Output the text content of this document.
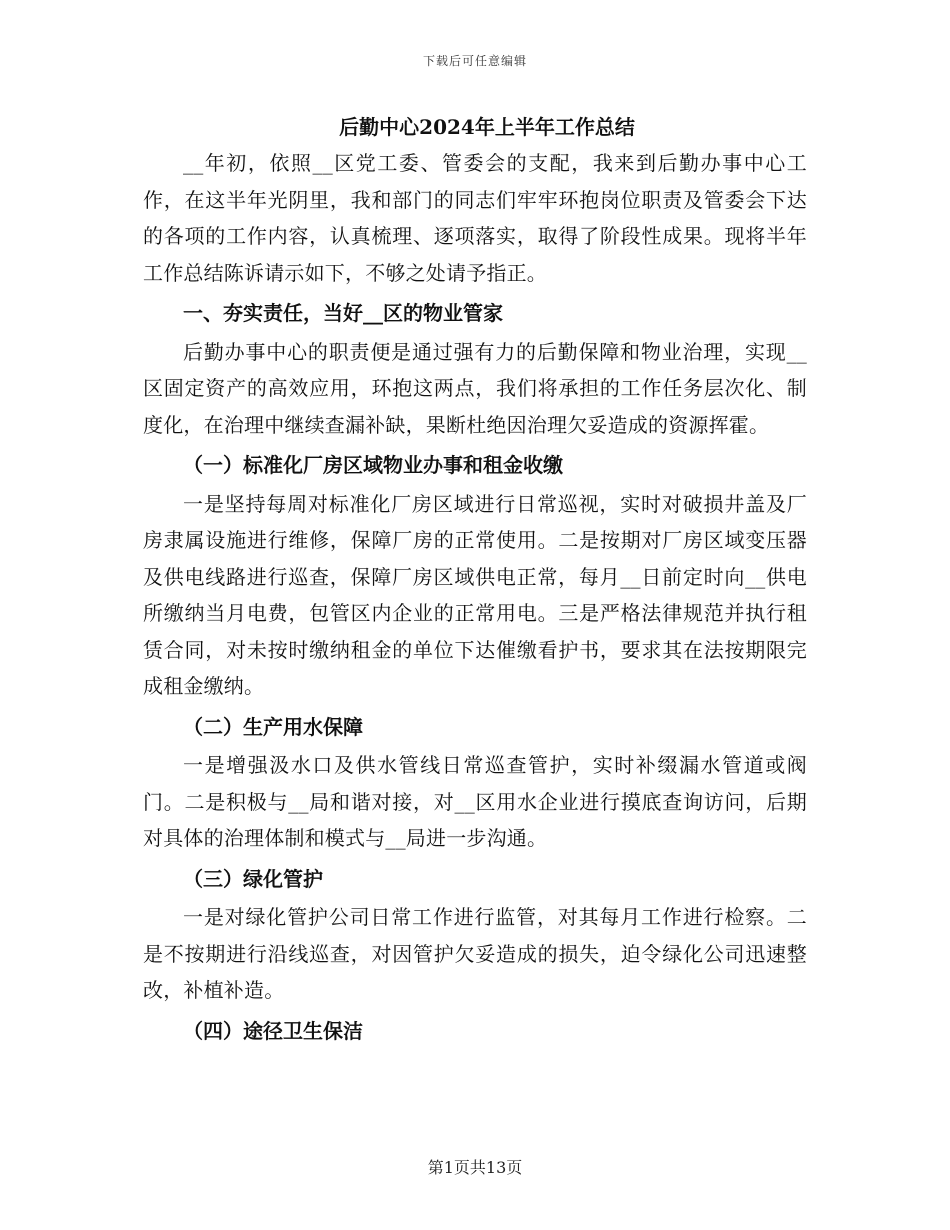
下载后可任意编辑

后勤中心2024年上半年工作总结

__年初，依照__区党工委、管委会的支配，我来到后勤办事中心工作，在这半年光阴里，我和部门的同志们牢牢环抱岗位职责及管委会下达的各项的工作内容，认真梳理、逐项落实，取得了阶段性成果。现将半年工作总结陈诉请示如下，不够之处请予指正。

一、夯实责任，当好__区的物业管家

后勤办事中心的职责便是通过强有力的后勤保障和物业治理，实现__区固定资产的高效应用，环抱这两点，我们将承担的工作任务层次化、制度化，在治理中继续查漏补缺，果断杜绝因治理欠妥造成的资源挥霍。

（一）标准化厂房区域物业办事和租金收缴

一是坚持每周对标准化厂房区域进行日常巡视，实时对破损井盖及厂房隶属设施进行维修，保障厂房的正常使用。二是按期对厂房区域变压器及供电线路进行巡查，保障厂房区域供电正常，每月__日前定时向__供电所缴纳当月电费，包管区内企业的正常用电。三是严格法律规范并执行租赁合同，对未按时缴纳租金的单位下达催缴看护书，要求其在法按期限完成租金缴纳。

（二）生产用水保障

一是增强汲水口及供水管线日常巡查管护，实时补缀漏水管道或阀门。二是积极与__局和谐对接，对__区用水企业进行摸底查询访问，后期对具体的治理体制和模式与__局进一步沟通。

（三）绿化管护

一是对绿化管护公司日常工作进行监管，对其每月工作进行检察。二是不按期进行沿线巡查，对因管护欠妥造成的损失，迫令绿化公司迅速整改，补植补造。

（四）途径卫生保洁

第1页共13页
